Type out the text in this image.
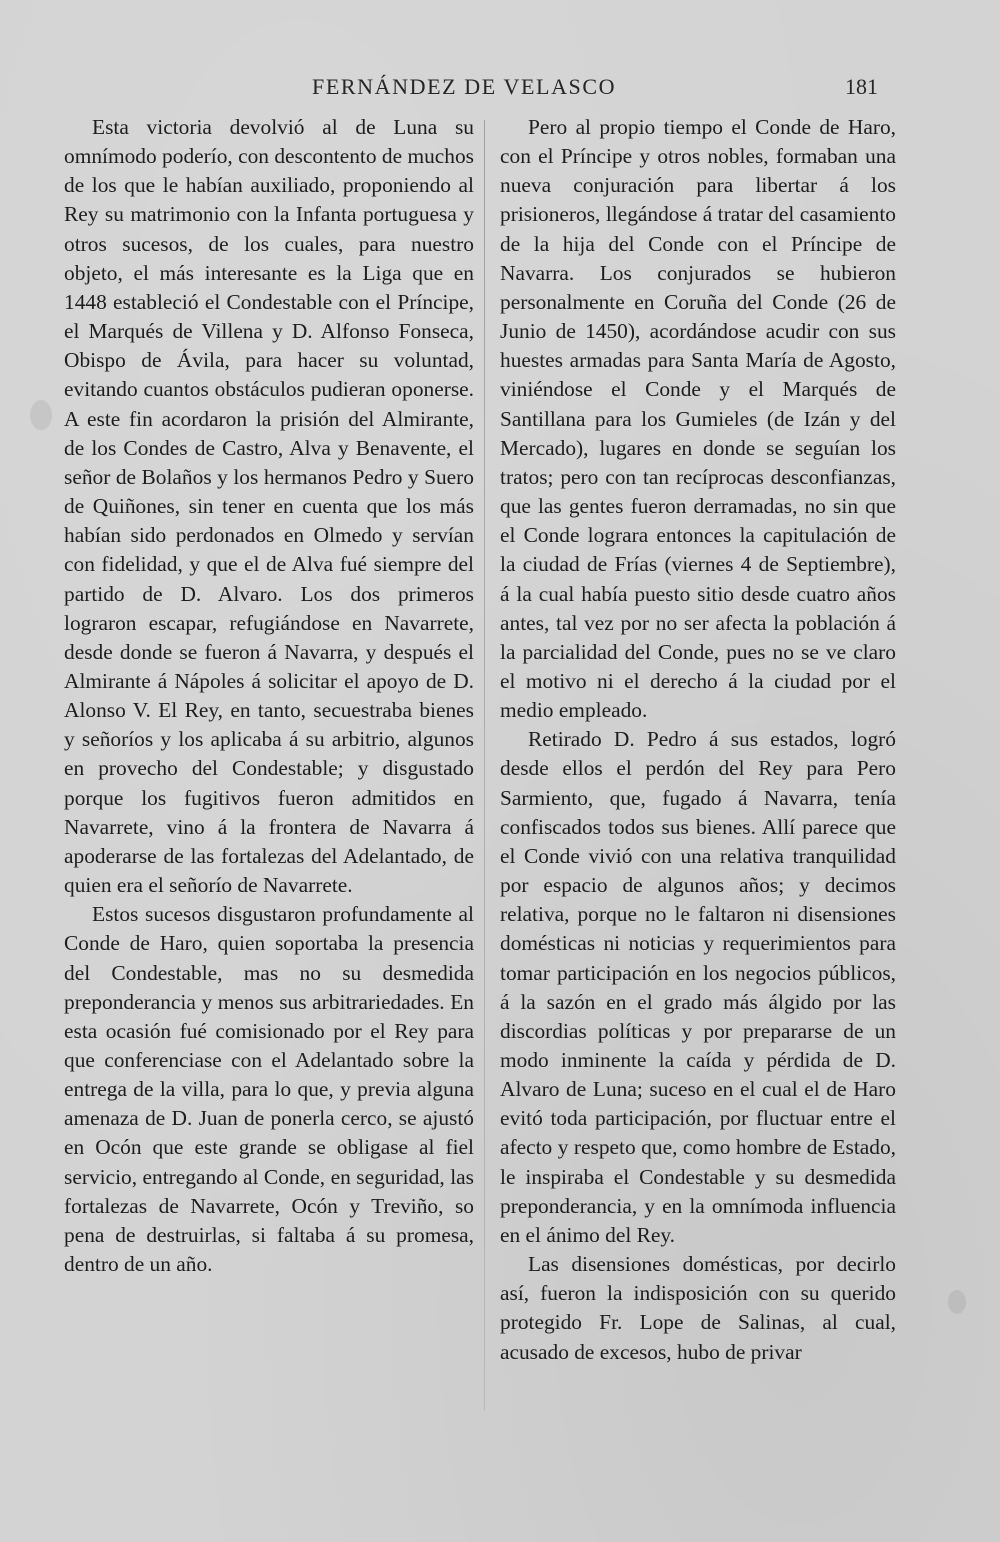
FERNÁNDEZ DE VELASCO	181

Esta victoria devolvió al de Luna su omnímodo poderío, con descontento de muchos de los que le habían auxiliado, proponiendo al Rey su matrimonio con la Infanta portuguesa y otros sucesos, de los cuales, para nuestro objeto, el más interesante es la Liga que en 1448 estableció el Condestable con el Príncipe, el Marqués de Villena y D. Alfonso Fonseca, Obispo de Ávila, para hacer su voluntad, evitando cuantos obstáculos pudieran oponerse. A este fin acordaron la prisión del Almirante, de los Condes de Castro, Alva y Benavente, el señor de Bolaños y los hermanos Pedro y Suero de Quiñones, sin tener en cuenta que los más habían sido perdonados en Olmedo y servían con fidelidad, y que el de Alva fué siempre del partido de D. Alvaro. Los dos primeros lograron escapar, refugiándose en Navarrete, desde donde se fueron á Navarra, y después el Almirante á Nápoles á solicitar el apoyo de D. Alonso V. El Rey, en tanto, secuestraba bienes y señoríos y los aplicaba á su arbitrio, algunos en provecho del Condestable; y disgustado porque los fugitivos fueron admitidos en Navarrete, vino á la frontera de Navarra á apoderarse de las fortalezas del Adelantado, de quien era el señorío de Navarrete.

Estos sucesos disgustaron profundamente al Conde de Haro, quien soportaba la presencia del Condestable, mas no su desmedida preponderancia y menos sus arbitrariedades. En esta ocasión fué comisionado por el Rey para que conferenciase con el Adelantado sobre la entrega de la villa, para lo que, y previa alguna amenaza de D. Juan de ponerla cerco, se ajustó en Ocón que este grande se obligase al fiel servicio, entregando al Conde, en seguridad, las fortalezas de Navarrete, Ocón y Treviño, so pena de destruirlas, si faltaba á su promesa, dentro de un año.

Pero al propio tiempo el Conde de Haro, con el Príncipe y otros nobles, formaban una nueva conjuración para libertar á los prisioneros, llegándose á tratar del casamiento de la hija del Conde con el Príncipe de Navarra. Los conjurados se hubieron personalmente en Coruña del Conde (26 de Junio de 1450), acordándose acudir con sus huestes armadas para Santa María de Agosto, viniéndose el Conde y el Marqués de Santillana para los Gumieles (de Izán y del Mercado), lugares en donde se seguían los tratos; pero con tan recíprocas desconfianzas, que las gentes fueron derramadas, no sin que el Conde lograra entonces la capitulación de la ciudad de Frías (viernes 4 de Septiembre), á la cual había puesto sitio desde cuatro años antes, tal vez por no ser afecta la población á la parcialidad del Conde, pues no se ve claro el motivo ni el derecho á la ciudad por el medio empleado.

Retirado D. Pedro á sus estados, logró desde ellos el perdón del Rey para Pero Sarmiento, que, fugado á Navarra, tenía confiscados todos sus bienes. Allí parece que el Conde vivió con una relativa tranquilidad por espacio de algunos años; y decimos relativa, porque no le faltaron ni disensiones domésticas ni noticias y requerimientos para tomar participación en los negocios públicos, á la sazón en el grado más álgido por las discordias políticas y por prepararse de un modo inminente la caída y pérdida de D. Alvaro de Luna; suceso en el cual el de Haro evitó toda participación, por fluctuar entre el afecto y respeto que, como hombre de Estado, le inspiraba el Condestable y su desmedida preponderancia, y en la omnímoda influencia en el ánimo del Rey.

Las disensiones domésticas, por decirlo así, fueron la indisposición con su querido protegido Fr. Lope de Salinas, al cual, acusado de excesos, hubo de privar
